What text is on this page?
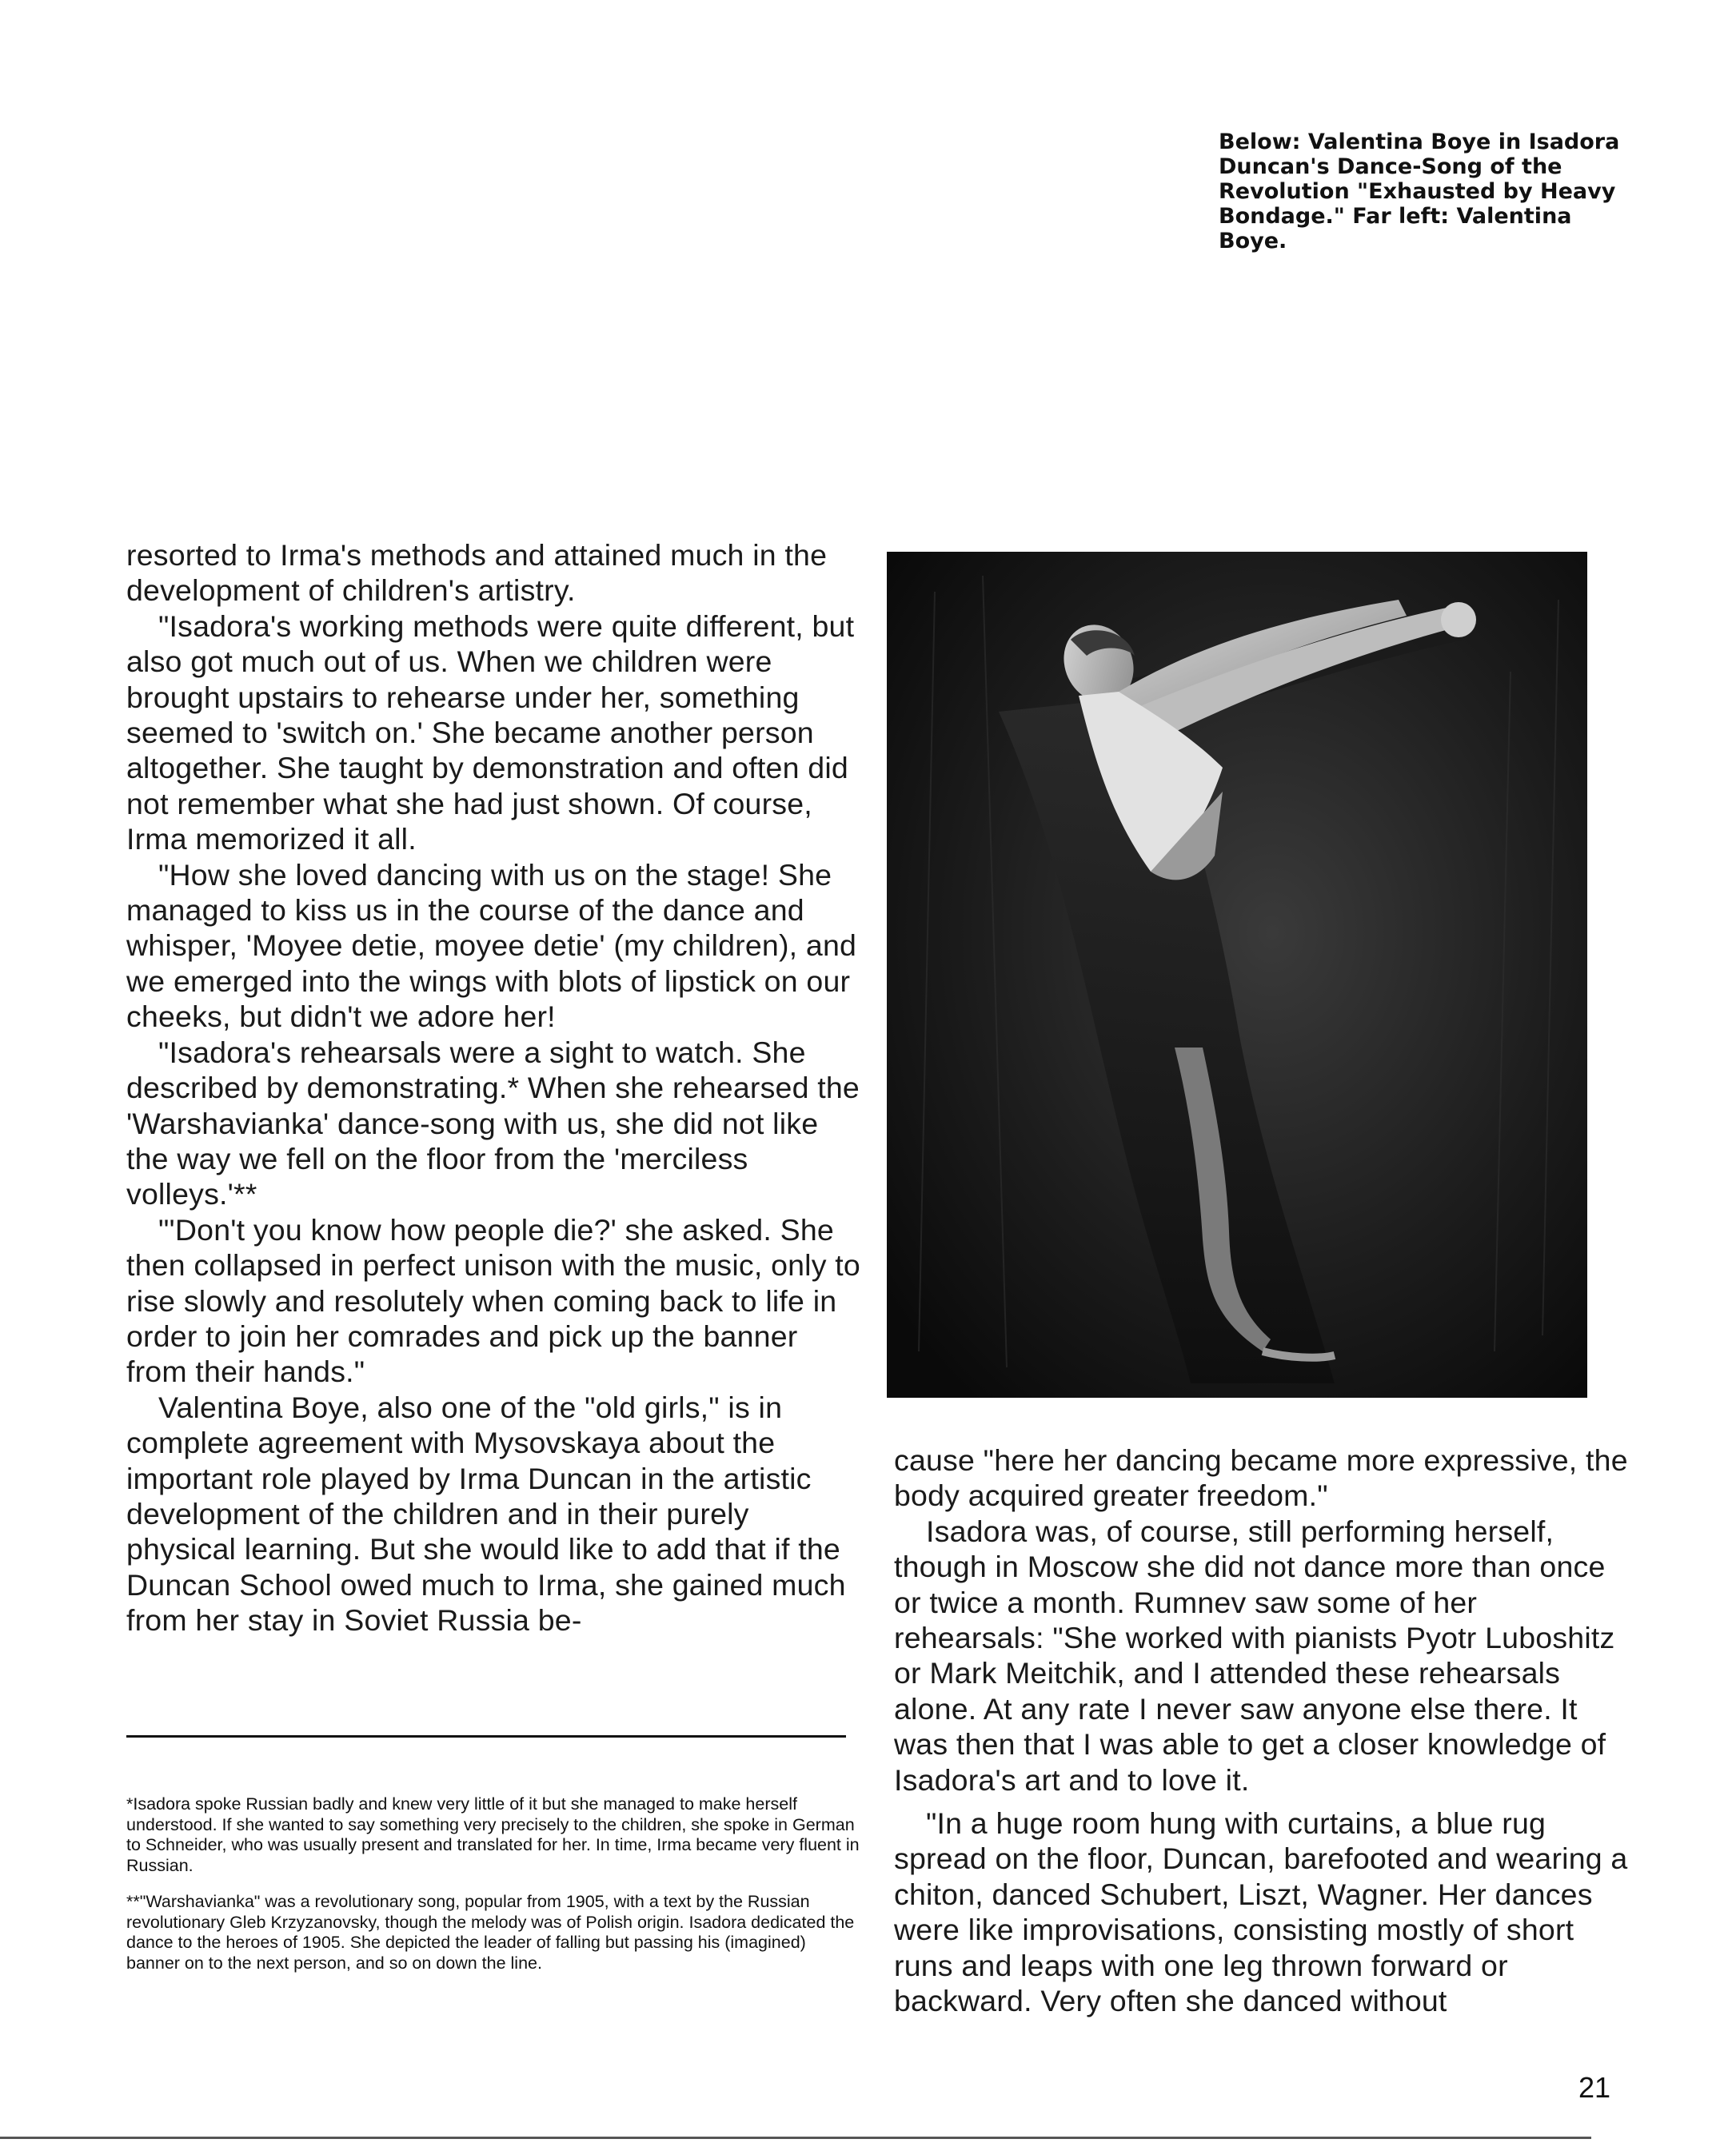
Below: Valentina Boye in Isadora Duncan's Dance-Song of the Revolution "Exhausted by Heavy Bondage." Far left: Valentina Boye.

resorted to Irma's methods and attained much in the development of children's artistry.

"Isadora's working methods were quite different, but also got much out of us. When we children were brought upstairs to rehearse under her, something seemed to 'switch on.' She became another person altogether. She taught by demonstration and often did not remember what she had just shown. Of course, Irma memorized it all.

"How she loved dancing with us on the stage! She managed to kiss us in the course of the dance and whisper, 'Moyee detie, moyee detie' (my children), and we emerged into the wings with blots of lipstick on our cheeks, but didn't we adore her!

"Isadora's rehearsals were a sight to watch. She described by demonstrating.* When she rehearsed the 'Warshavianka' dance-song with us, she did not like the way we fell on the floor from the 'merciless volleys.'**

"'Don't you know how people die?' she asked. She then collapsed in perfect unison with the music, only to rise slowly and resolutely when coming back to life in order to join her comrades and pick up the banner from their hands."

Valentina Boye, also one of the "old girls," is in complete agreement with Mysovskaya about the important role played by Irma Duncan in the artistic development of the children and in their purely physical learning. But she would like to add that if the Duncan School owed much to Irma, she gained much from her stay in Soviet Russia be-

cause "here her dancing became more expressive, the body acquired greater freedom."

Isadora was, of course, still performing herself, though in Moscow she did not dance more than once or twice a month. Rumnev saw some of her rehearsals: "She worked with pianists Pyotr Luboshitz or Mark Meitchik, and I attended these rehearsals alone. At any rate I never saw anyone else there. It was then that I was able to get a closer knowledge of Isadora's art and to love it.

"In a huge room hung with curtains, a blue rug spread on the floor, Duncan, barefooted and wearing a chiton, danced Schubert, Liszt, Wagner. Her dances were like improvisations, consisting mostly of short runs and leaps with one leg thrown forward or backward. Very often she danced without

*Isadora spoke Russian badly and knew very little of it but she managed to make herself understood. If she wanted to say something very precisely to the children, she spoke in German to Schneider, who was usually present and translated for her. In time, Irma became very fluent in Russian.

**"Warshavianka" was a revolutionary song, popular from 1905, with a text by the Russian revolutionary Gleb Krzyzanovsky, though the melody was of Polish origin. Isadora dedicated the dance to the heroes of 1905. She depicted the leader of falling but passing his (imagined) banner on to the next person, and so on down the line.

21
